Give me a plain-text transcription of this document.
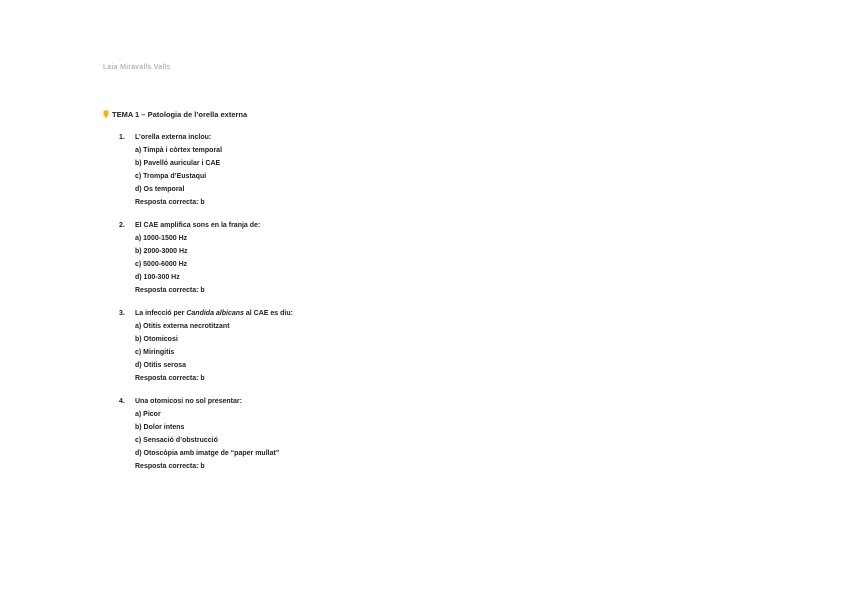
Laia Miravalls Valls
TEMA 1 – Patologia de l’orella externa
1.	L’orella externa inclou:
a) Timpà i còrtex temporal
b) Pavelló auricular i CAE
c) Trompa d’Eustaqui
d) Os temporal
Resposta correcta: b
2.	El CAE amplifica sons en la franja de:
a) 1000-1500 Hz
b) 2000-3000 Hz
c) 5000-6000 Hz
d) 100-300 Hz
Resposta correcta: b
3.	La infecció per Candida albicans al CAE es diu:
a) Otitis externa necrotitzant
b) Otomicosi
c) Miringitis
d) Otitis serosa
Resposta correcta: b
4.	Una otomicosi no sol presentar:
a) Picor
b) Dolor intens
c) Sensació d’obstrucció
d) Otoscòpia amb imatge de “paper mullat”
Resposta correcta: b
